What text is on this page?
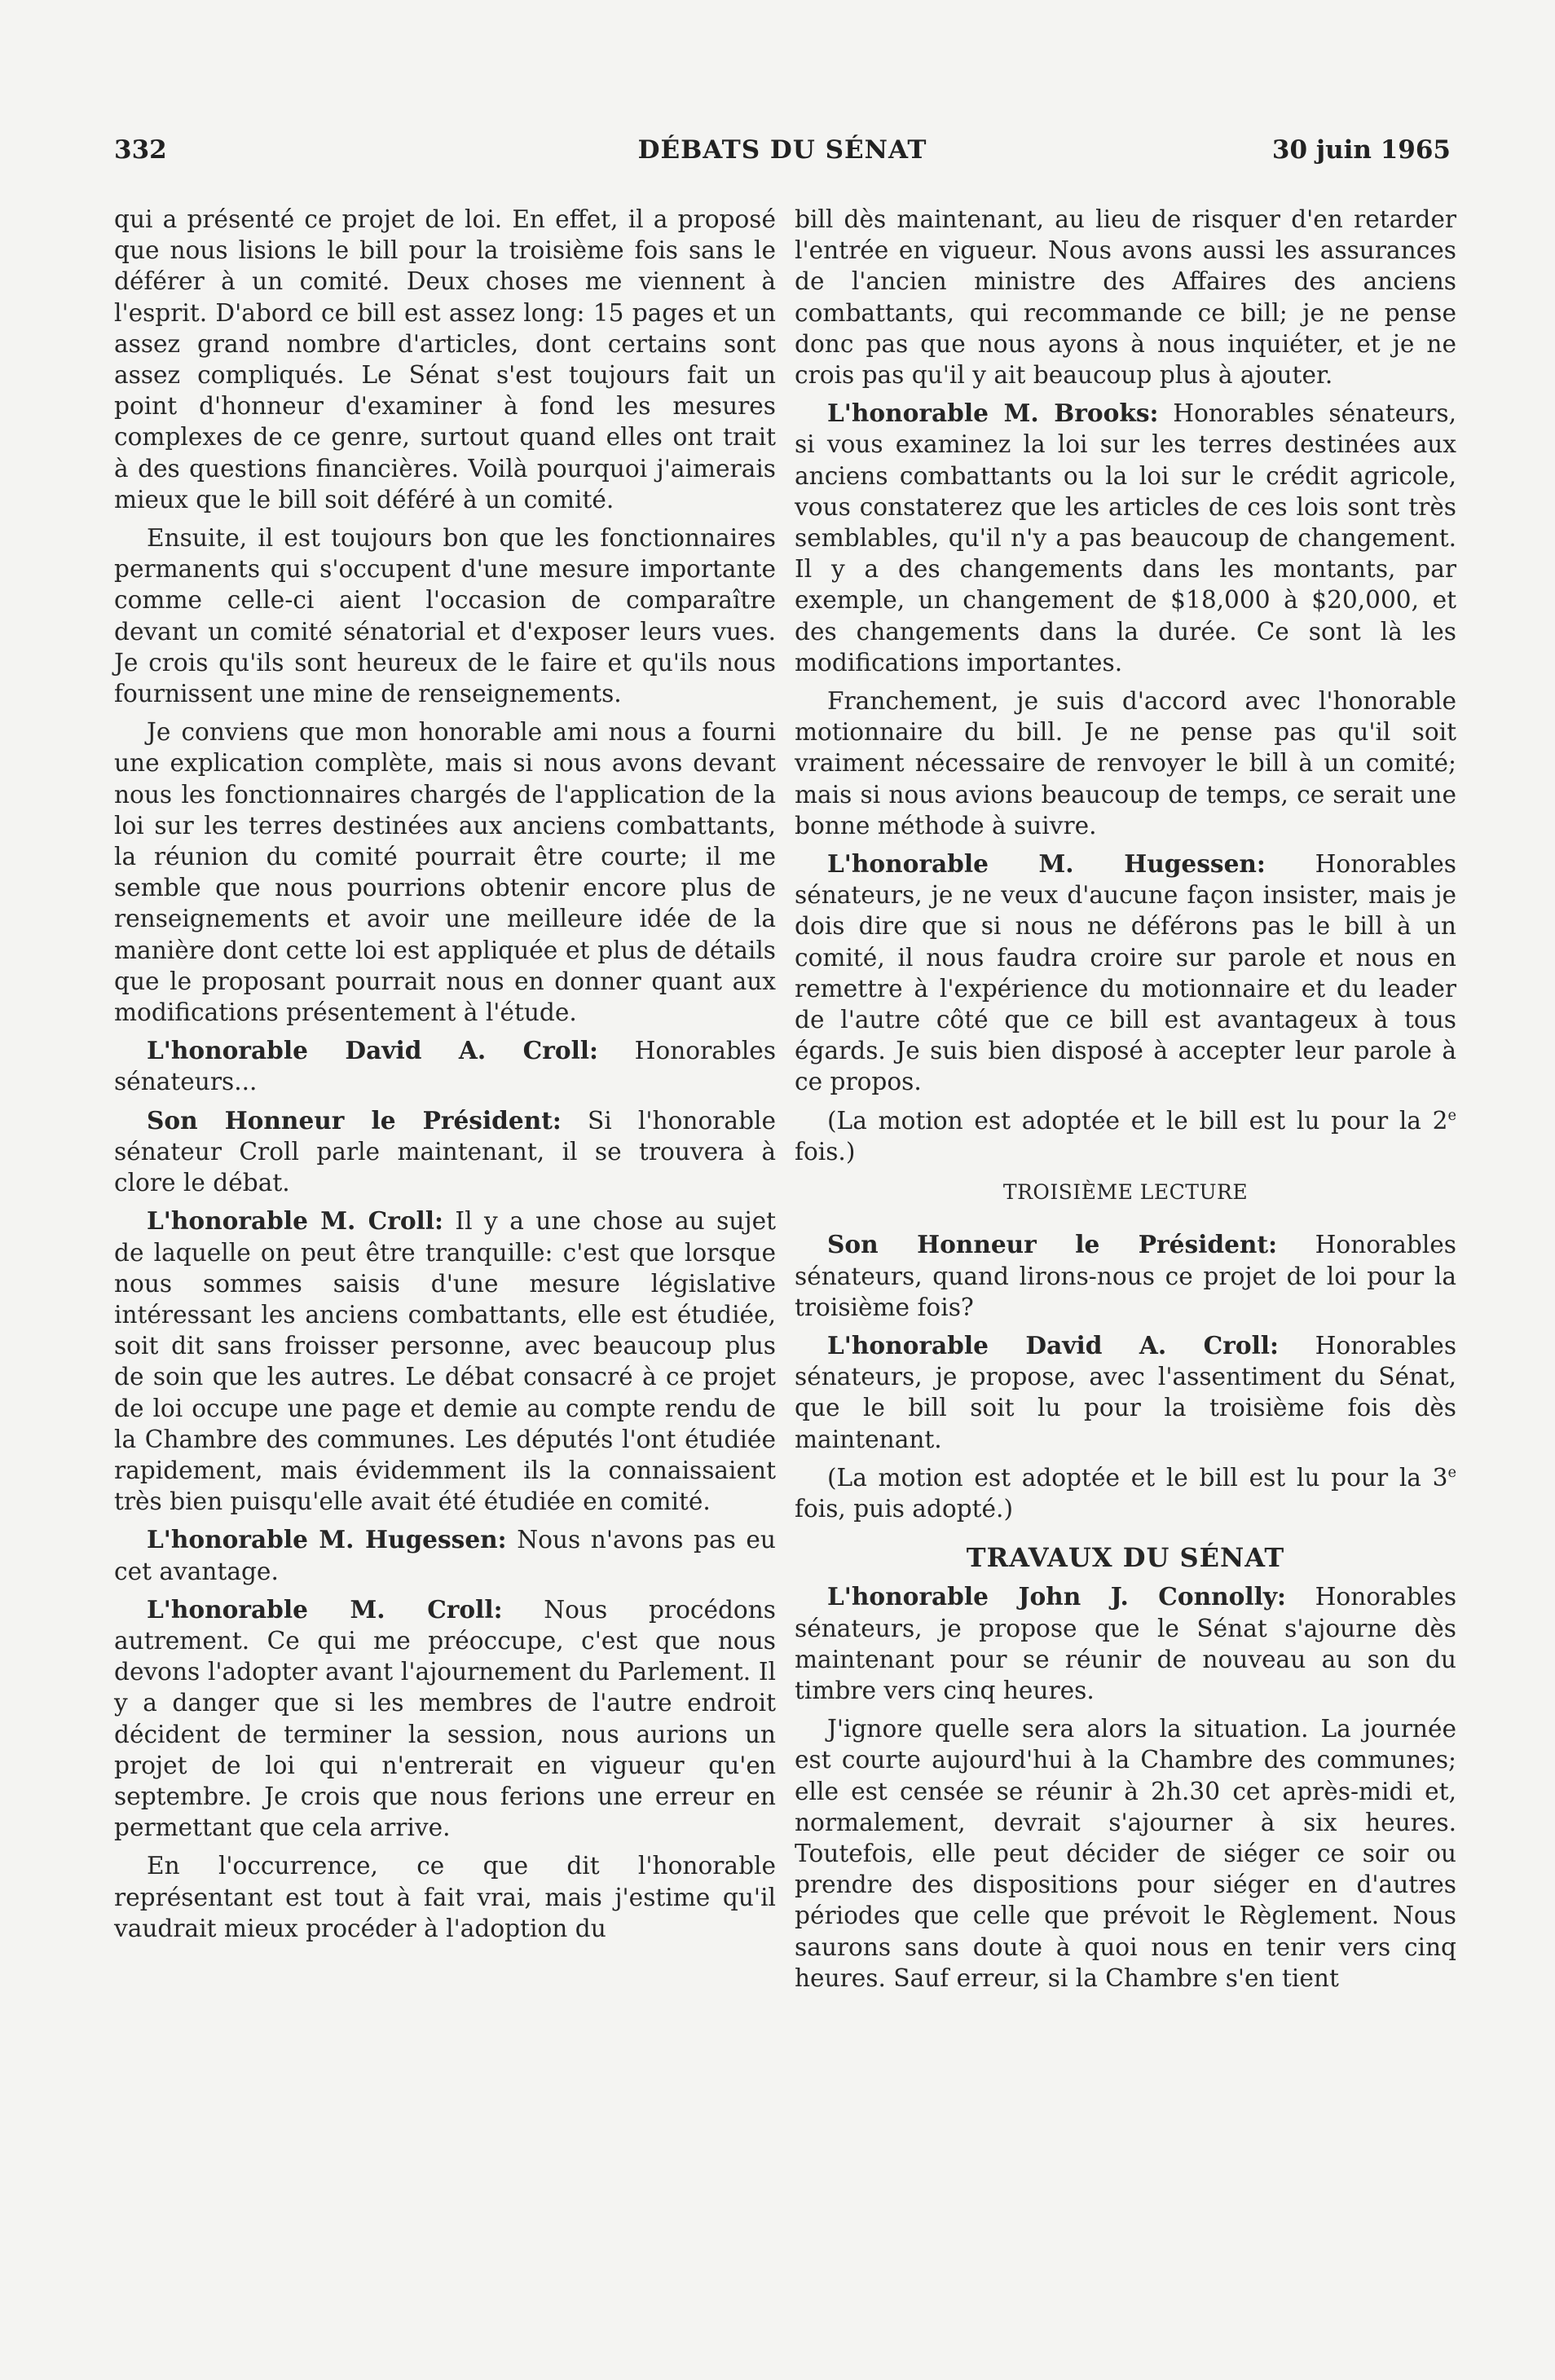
332	DÉBATS DU SÉNAT	30 juin 1965

qui a présenté ce projet de loi. En effet, il a proposé que nous lisions le bill pour la troisième fois sans le déférer à un comité. Deux choses me viennent à l'esprit. D'abord ce bill est assez long: 15 pages et un assez grand nombre d'articles, dont certains sont assez compliqués. Le Sénat s'est toujours fait un point d'honneur d'examiner à fond les mesures complexes de ce genre, surtout quand elles ont trait à des questions financières. Voilà pourquoi j'aimerais mieux que le bill soit déféré à un comité.

Ensuite, il est toujours bon que les fonctionnaires permanents qui s'occupent d'une mesure importante comme celle-ci aient l'occasion de comparaître devant un comité sénatorial et d'exposer leurs vues. Je crois qu'ils sont heureux de le faire et qu'ils nous fournissent une mine de renseignements.

Je conviens que mon honorable ami nous a fourni une explication complète, mais si nous avons devant nous les fonctionnaires chargés de l'application de la loi sur les terres destinées aux anciens combattants, la réunion du comité pourrait être courte; il me semble que nous pourrions obtenir encore plus de renseignements et avoir une meilleure idée de la manière dont cette loi est appliquée et plus de détails que le proposant pourrait nous en donner quant aux modifications présentement à l'étude.

L'honorable David A. Croll: Honorables sénateurs...

Son Honneur le Président: Si l'honorable sénateur Croll parle maintenant, il se trouvera à clore le débat.

L'honorable M. Croll: Il y a une chose au sujet de laquelle on peut être tranquille: c'est que lorsque nous sommes saisis d'une mesure législative intéressant les anciens combattants, elle est étudiée, soit dit sans froisser personne, avec beaucoup plus de soin que les autres. Le débat consacré à ce projet de loi occupe une page et demie au compte rendu de la Chambre des communes. Les députés l'ont étudiée rapidement, mais évidemment ils la connaissaient très bien puisqu'elle avait été étudiée en comité.

L'honorable M. Hugessen: Nous n'avons pas eu cet avantage.

L'honorable M. Croll: Nous procédons autrement. Ce qui me préoccupe, c'est que nous devons l'adopter avant l'ajournement du Parlement. Il y a danger que si les membres de l'autre endroit décident de terminer la session, nous aurions un projet de loi qui n'entrerait en vigueur qu'en septembre. Je crois que nous ferions une erreur en permettant que cela arrive.

En l'occurrence, ce que dit l'honorable représentant est tout à fait vrai, mais j'estime qu'il vaudrait mieux procéder à l'adoption du

bill dès maintenant, au lieu de risquer d'en retarder l'entrée en vigueur. Nous avons aussi les assurances de l'ancien ministre des Affaires des anciens combattants, qui recommande ce bill; je ne pense donc pas que nous ayons à nous inquiéter, et je ne crois pas qu'il y ait beaucoup plus à ajouter.

L'honorable M. Brooks: Honorables sénateurs, si vous examinez la loi sur les terres destinées aux anciens combattants ou la loi sur le crédit agricole, vous constaterez que les articles de ces lois sont très semblables, qu'il n'y a pas beaucoup de changement. Il y a des changements dans les montants, par exemple, un changement de $18,000 à $20,000, et des changements dans la durée. Ce sont là les modifications importantes.

Franchement, je suis d'accord avec l'honorable motionnaire du bill. Je ne pense pas qu'il soit vraiment nécessaire de renvoyer le bill à un comité; mais si nous avions beaucoup de temps, ce serait une bonne méthode à suivre.

L'honorable M. Hugessen: Honorables sénateurs, je ne veux d'aucune façon insister, mais je dois dire que si nous ne déférons pas le bill à un comité, il nous faudra croire sur parole et nous en remettre à l'expérience du motionnaire et du leader de l'autre côté que ce bill est avantageux à tous égards. Je suis bien disposé à accepter leur parole à ce propos.

(La motion est adoptée et le bill est lu pour la 2e fois.)

TROISIÈME LECTURE

Son Honneur le Président: Honorables sénateurs, quand lirons-nous ce projet de loi pour la troisième fois?

L'honorable David A. Croll: Honorables sénateurs, je propose, avec l'assentiment du Sénat, que le bill soit lu pour la troisième fois dès maintenant.

(La motion est adoptée et le bill est lu pour la 3e fois, puis adopté.)

TRAVAUX DU SÉNAT

L'honorable John J. Connolly: Honorables sénateurs, je propose que le Sénat s'ajourne dès maintenant pour se réunir de nouveau au son du timbre vers cinq heures.

J'ignore quelle sera alors la situation. La journée est courte aujourd'hui à la Chambre des communes; elle est censée se réunir à 2h.30 cet après-midi et, normalement, devrait s'ajourner à six heures. Toutefois, elle peut décider de siéger ce soir ou prendre des dispositions pour siéger en d'autres périodes que celle que prévoit le Règlement. Nous saurons sans doute à quoi nous en tenir vers cinq heures. Sauf erreur, si la Chambre s'en tient
